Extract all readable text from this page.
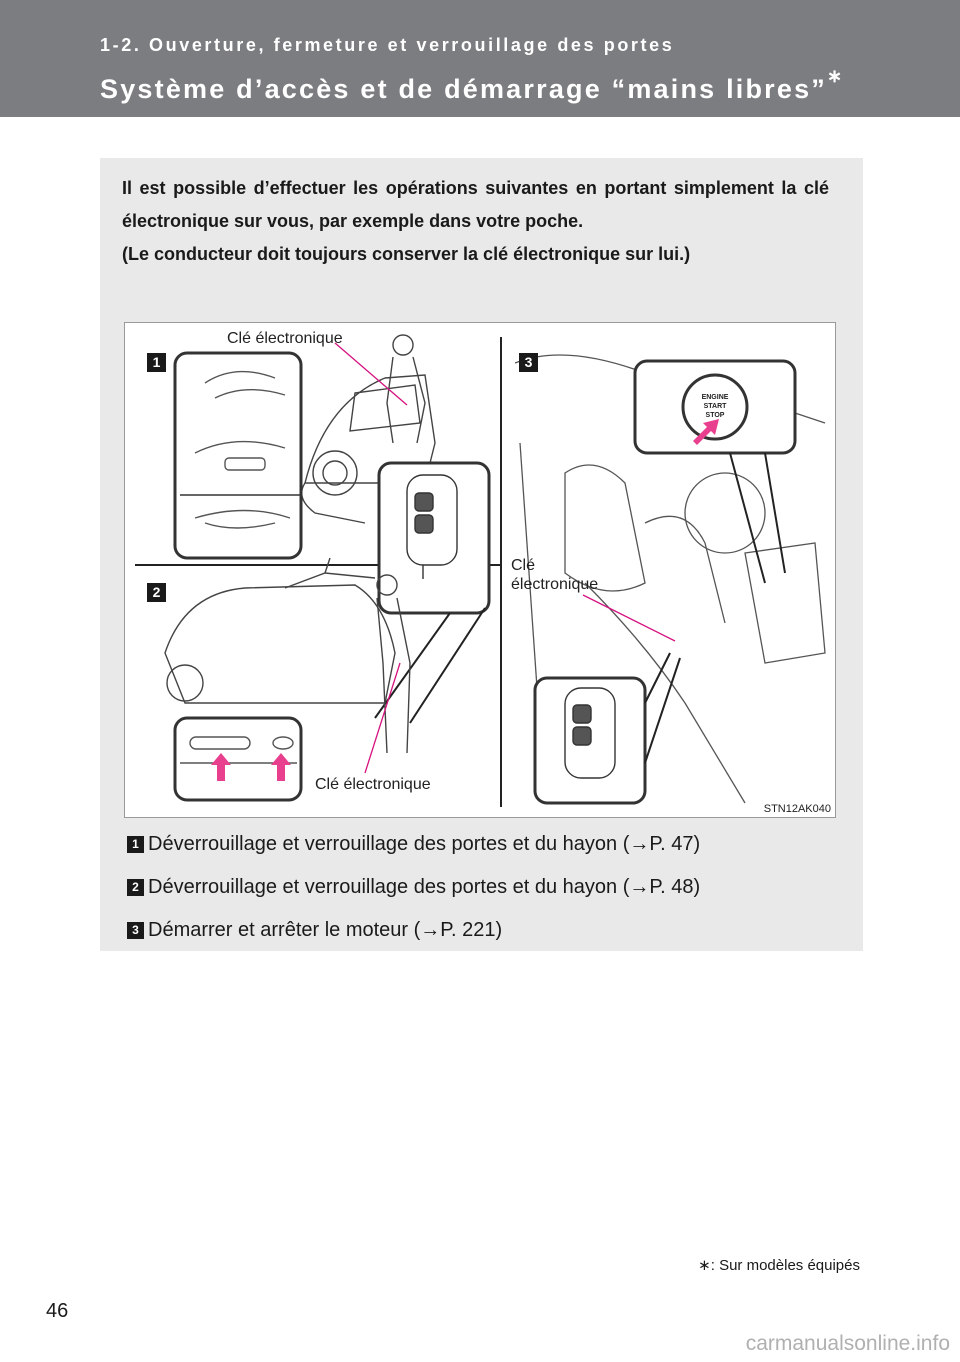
1-2. Ouverture, fermeture et verrouillage des portes
Système d’accès et de démarrage “mains libres”∗

Il est possible d’effectuer les opérations suivantes en portant simplement la clé électronique sur vous, par exemple dans votre poche.

(Le conducteur doit toujours conserver la clé électronique sur lui.)

ENGINE
START
STOP
1
2
3
Clé électronique
Clé
électronique
Clé électronique
STN12AK040
1 Déverrouillage et verrouillage des portes et du hayon (→P. 47)
2 Déverrouillage et verrouillage des portes et du hayon (→P. 48)
3 Démarrer et arrêter le moteur (→P. 221)
∗: Sur modèles équipés
46
carmanualsonline.info
